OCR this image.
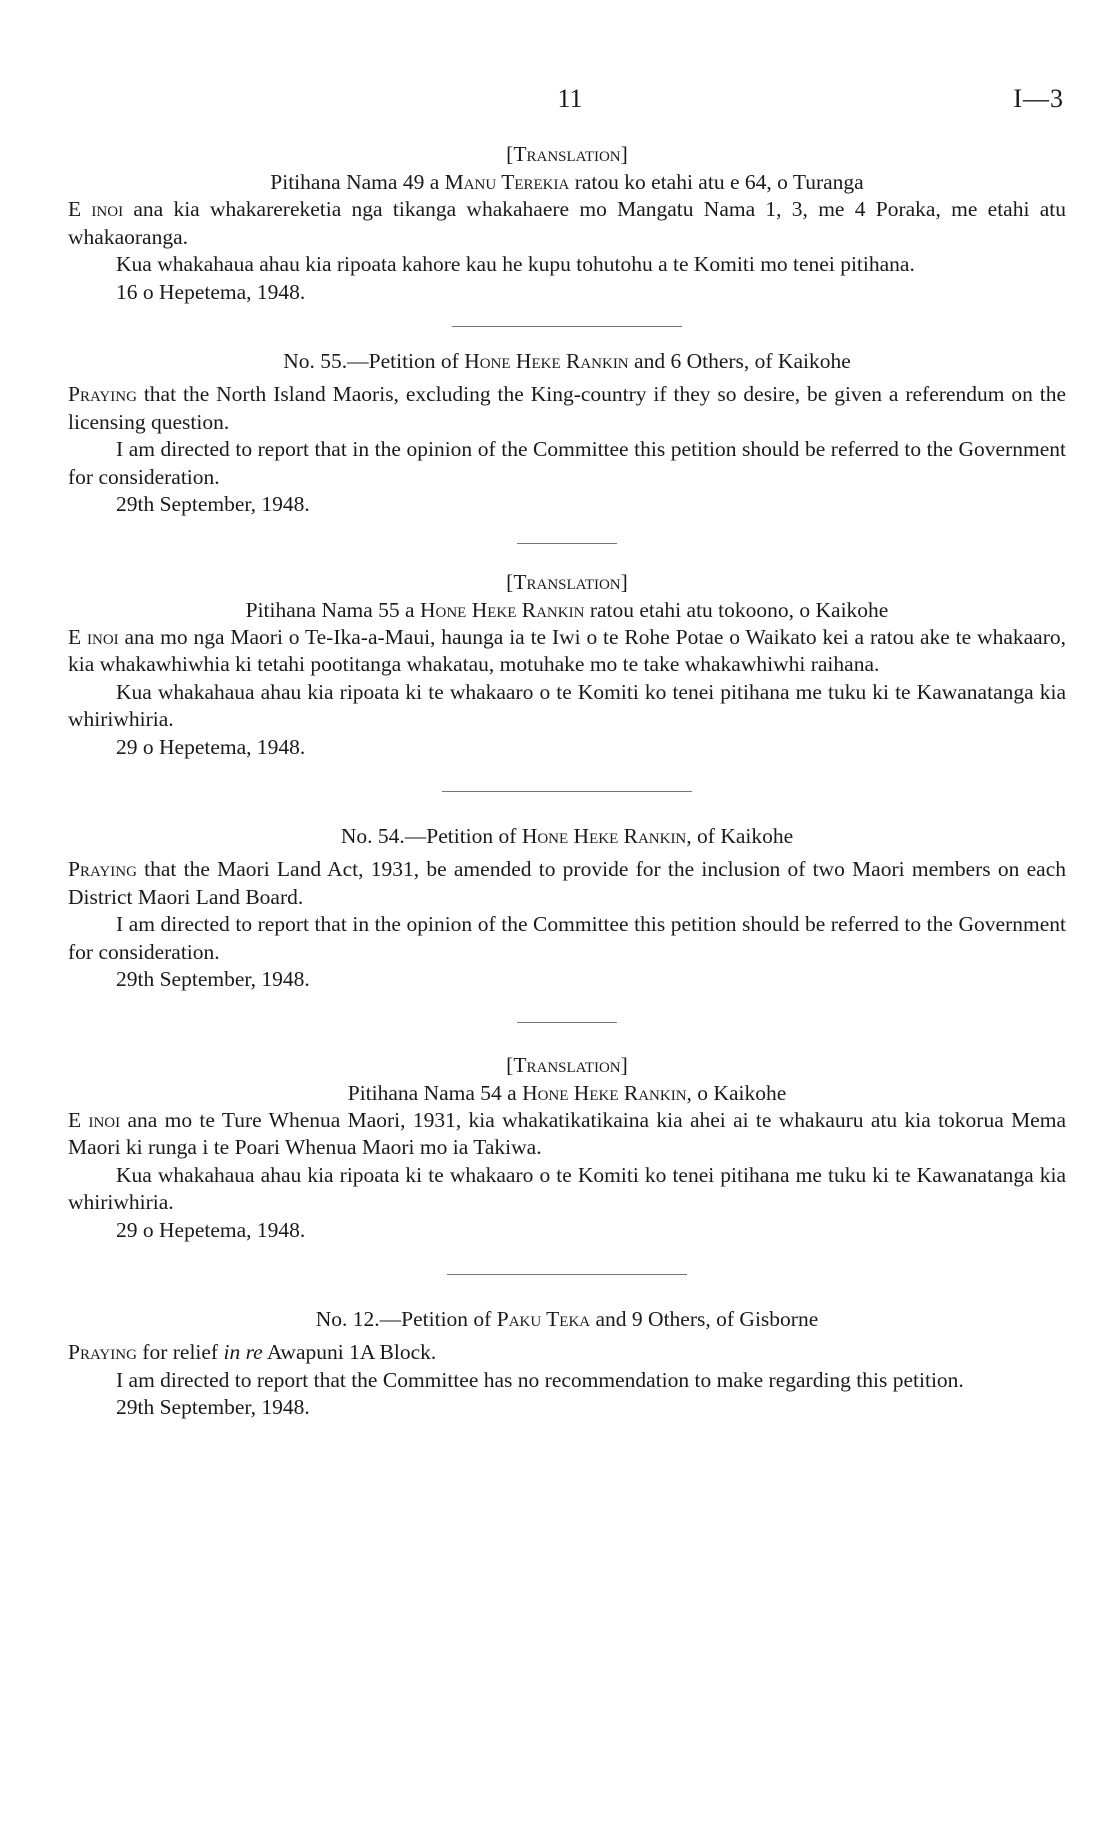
11	I—3
[Translation]
Pitihana Nama 49 a Manu Terekia ratou ko etahi atu e 64, o Turanga

E inoi ana kia whakarereketia nga tikanga whakahaere mo Mangatu Nama 1, 3, me 4 Poraka, me etahi atu whakaoranga.

Kua whakahaua ahau kia ripoata kahore kau he kupu tohutohu a te Komiti mo tenei pitihana.

16 o Hepetema, 1948.

No. 55.—Petition of Hone Heke Rankin and 6 Others, of Kaikohe

Praying that the North Island Maoris, excluding the King-country if they so desire, be given a referendum on the licensing question.

I am directed to report that in the opinion of the Committee this petition should be referred to the Government for consideration.

29th September, 1948.

[Translation]
Pitihana Nama 55 a Hone Heke Rankin ratou etahi atu tokoono, o Kaikohe

E inoi ana mo nga Maori o Te-Ika-a-Maui, haunga ia te Iwi o te Rohe Potae o Waikato kei a ratou ake te whakaaro, kia whakawhiwhia ki tetahi pootitanga whakatau, motuhake mo te take whakawhiwhi raihana.

Kua whakahaua ahau kia ripoata ki te whakaaro o te Komiti ko tenei pitihana me tuku ki te Kawanatanga kia whiriwhiria.

29 o Hepetema, 1948.

No. 54.—Petition of Hone Heke Rankin, of Kaikohe

Praying that the Maori Land Act, 1931, be amended to provide for the inclusion of two Maori members on each District Maori Land Board.

I am directed to report that in the opinion of the Committee this petition should be referred to the Government for consideration.

29th September, 1948.

[Translation]
Pitihana Nama 54 a Hone Heke Rankin, o Kaikohe

E inoi ana mo te Ture Whenua Maori, 1931, kia whakatikatikaina kia ahei ai te whakauru atu kia tokorua Mema Maori ki runga i te Poari Whenua Maori mo ia Takiwa.

Kua whakahaua ahau kia ripoata ki te whakaaro o te Komiti ko tenei pitihana me tuku ki te Kawanatanga kia whiriwhiria.

29 o Hepetema, 1948.

No. 12.—Petition of Paku Teka and 9 Others, of Gisborne

Praying for relief in re Awapuni 1A Block.

I am directed to report that the Committee has no recommendation to make regarding this petition.

29th September, 1948.
